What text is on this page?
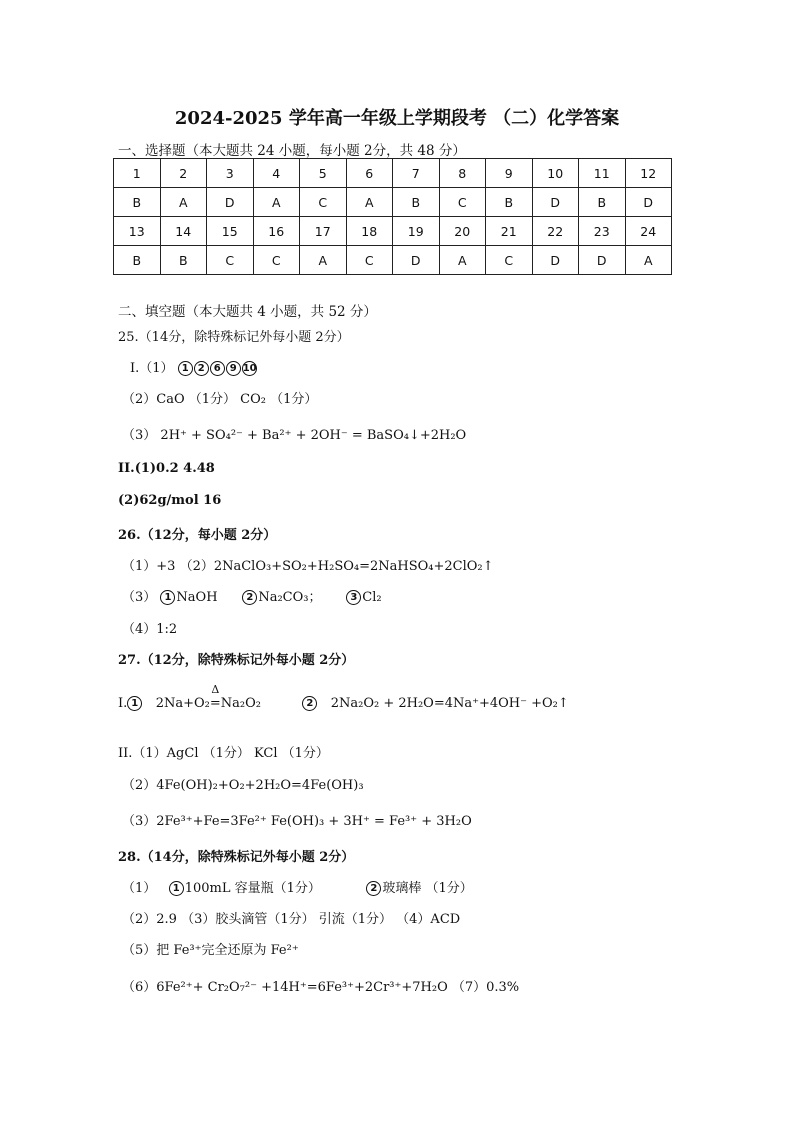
2024-2025 学年高一年级上学期段考 （二）化学答案
一、选择题（本大题共 24 小题，每小题 2分，共 48 分）
1	2	3	4	5	6	7	8	9	10	11	12
B	A	D	A	C	A	B	C	B	D	B	D
13	14	15	16	17	18	19	20	21	22	23	24
B	B	C	C	A	C	D	A	C	D	D	A
二、填空题（本大题共 4 小题，共 52 分）
25.（14分，除特殊标记外每小题 2分）
I.（1） 1 2 6 9 10
（2）CaO （1分） CO₂ （1分）
（3） 2H⁺ + SO₄²⁻ + Ba²⁺ + 2OH⁻ = BaSO₄↓+2H₂O
II.(1)0.2 4.48
(2)62g/mol 16
26.（12分，每小题 2分）
（1）+3 （2）2NaClO₃+SO₂+H₂SO₄=2NaHSO₄+2ClO₂↑
（3） 1 NaOH	2 Na₂CO₃；	3 Cl₂
（4）1:2
27.（12分，除特殊标记外每小题 2分）
I. 1 2Na+O₂
Δ
=Na₂O₂	2 2Na₂O₂ + 2H₂O=4Na⁺+4OH⁻ +O₂↑
II.（1）AgCl （1分） KCl （1分）
（2）4Fe(OH)₂+O₂+2H₂O=4Fe(OH)₃
（3）2Fe³⁺+Fe=3Fe²⁺ Fe(OH)₃ + 3H⁺ = Fe³⁺ + 3H₂O
28.（14分，除特殊标记外每小题 2分）
（1） 1 100mL 容量瓶（1分）	2 玻璃棒 （1分）
（2）2.9 （3）胶头滴管（1分） 引流（1分） （4）ACD
（5）把 Fe³⁺完全还原为 Fe²⁺
（6）6Fe²⁺+ Cr₂O₇²⁻ +14H⁺=6Fe³⁺+2Cr³⁺+7H₂O （7）0.3%
